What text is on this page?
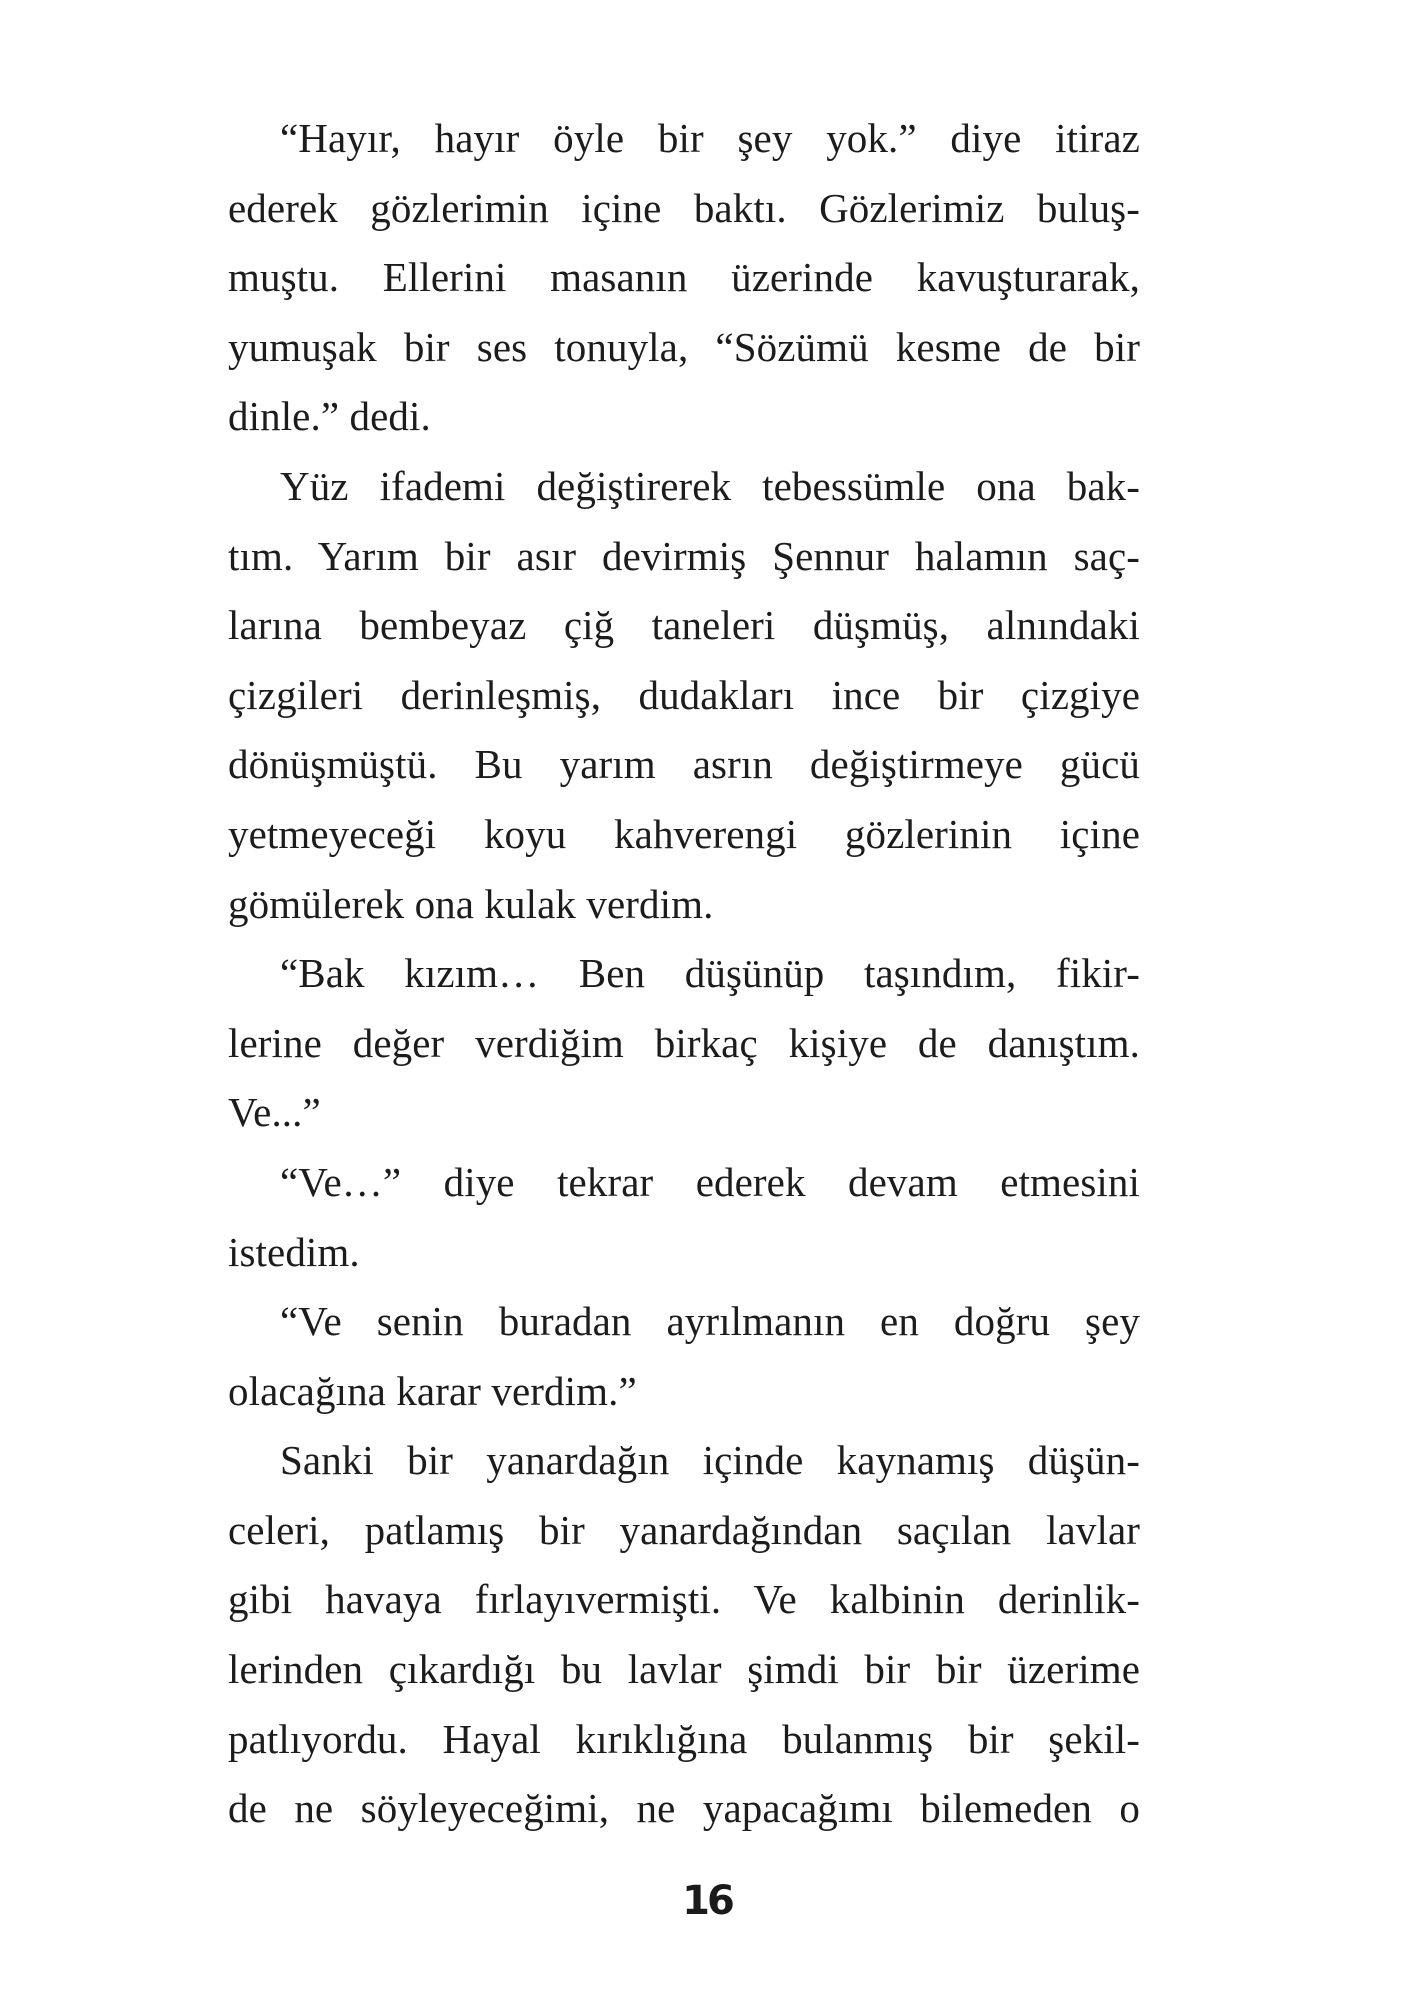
“Hayır, hayır öyle bir şey yok.” diye itiraz
ederek gözlerimin içine baktı. Gözlerimiz buluş-
muştu. Ellerini masanın üzerinde kavuşturarak,
yumuşak bir ses tonuyla, “Sözümü kesme de bir
dinle.” dedi.
Yüz ifademi değiştirerek tebessümle ona bak-
tım. Yarım bir asır devirmiş Şennur halamın saç-
larına bembeyaz çiğ taneleri düşmüş, alnındaki
çizgileri derinleşmiş, dudakları ince bir çizgiye
dönüşmüştü. Bu yarım asrın değiştirmeye gücü
yetmeyeceği koyu kahverengi gözlerinin içine
gömülerek ona kulak verdim.
“Bak kızım… Ben düşünüp taşındım, fikir-
lerine değer verdiğim birkaç kişiye de danıştım.
Ve...”
“Ve…” diye tekrar ederek devam etmesini
istedim.
“Ve senin buradan ayrılmanın en doğru şey
olacağına karar verdim.”
Sanki bir yanardağın içinde kaynamış düşün-
celeri, patlamış bir yanardağından saçılan lavlar
gibi havaya fırlayıvermişti. Ve kalbinin derinlik-
lerinden çıkardığı bu lavlar şimdi bir bir üzerime
patlıyordu. Hayal kırıklığına bulanmış bir şekil-
de ne söyleyeceğimi, ne yapacağımı bilemeden o
16
